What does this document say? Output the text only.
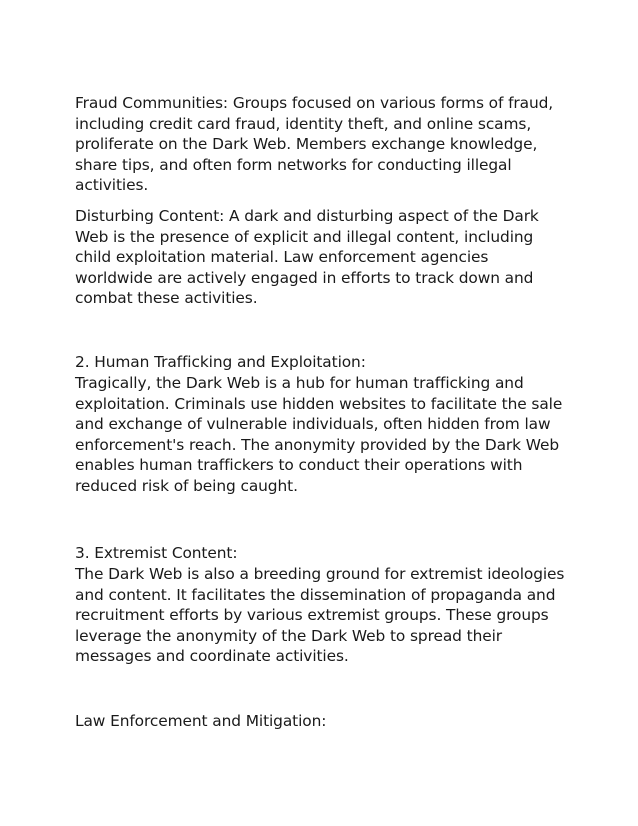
Fraud Communities: Groups focused on various forms of fraud,
including credit card fraud, identity theft, and online scams,
proliferate on the Dark Web. Members exchange knowledge,
share tips, and often form networks for conducting illegal
activities.

Disturbing Content: A dark and disturbing aspect of the Dark
Web is the presence of explicit and illegal content, including
child exploitation material. Law enforcement agencies
worldwide are actively engaged in efforts to track down and
combat these activities.

2. Human Trafficking and Exploitation:

Tragically, the Dark Web is a hub for human trafficking and
exploitation. Criminals use hidden websites to facilitate the sale
and exchange of vulnerable individuals, often hidden from law
enforcement's reach. The anonymity provided by the Dark Web
enables human traffickers to conduct their operations with
reduced risk of being caught.

3. Extremist Content:

The Dark Web is also a breeding ground for extremist ideologies
and content. It facilitates the dissemination of propaganda and
recruitment efforts by various extremist groups. These groups
leverage the anonymity of the Dark Web to spread their
messages and coordinate activities.

Law Enforcement and Mitigation:
